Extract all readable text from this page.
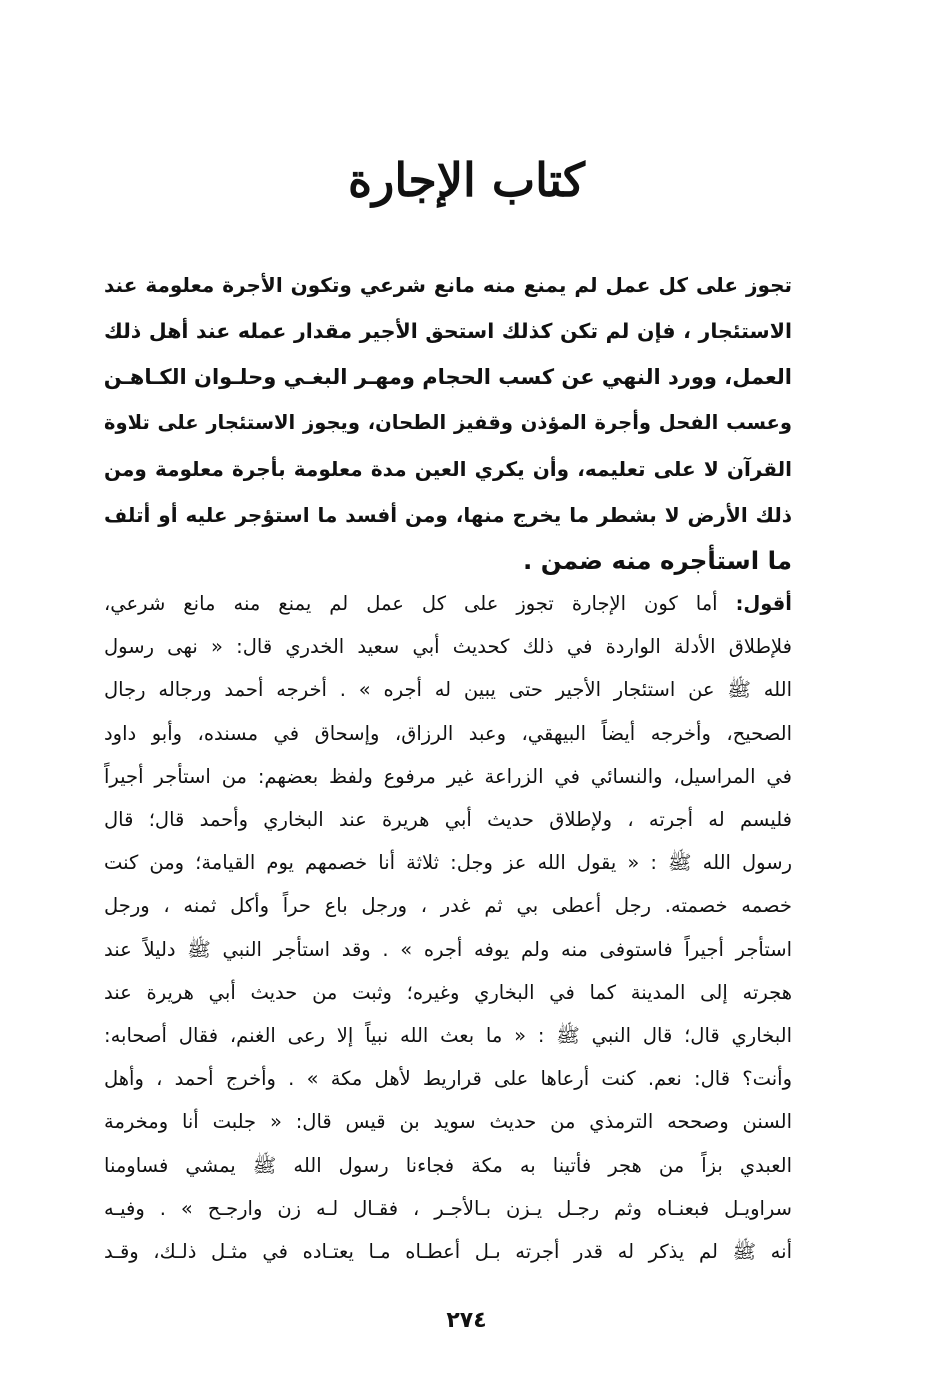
كتاب الإجارة
تجوز على كل عمل لم يمنع منه مانع شرعي وتكون الأجرة معلومة عند
الاستئجار ، فإن لم تكن كذلك استحق الأجير مقدار عمله عند أهل ذلك
العمل، وورد النهي عن كسب الحجام ومهـر البغـي وحلـوان الكـاهـن
وعسب الفحل وأجرة المؤذن وقفيز الطحان، ويجوز الاستئجار على تلاوة
القرآن لا على تعليمه، وأن يكري العين مدة معلومة بأجرة معلومة ومن
ذلك الأرض لا بشطر ما يخرج منها، ومن أفسد ما استؤجر عليه أو أتلف
ما استأجره منه ضمن .
أقول: أما كون الإجارة تجوز على كل عمل لم يمنع منه مانع شرعي،
فلإطلاق الأدلة الواردة في ذلك كحديث أبي سعيد الخدري قال: « نهى رسول
الله ﷺ عن استئجار الأجير حتى يبين له أجره » . أخرجه أحمد ورجاله رجال
الصحيح، وأخرجه أيضاً البيهقي، وعبد الرزاق، وإسحاق في مسنده، وأبو داود
في المراسيل، والنسائي في الزراعة غير مرفوع ولفظ بعضهم: من استأجر أجيراً
فليسم له أجرته ، ولإطلاق حديث أبي هريرة عند البخاري وأحمد قال؛ قال
رسول الله ﷺ : « يقول الله عز وجل: ثلاثة أنا خصمهم يوم القيامة؛ ومن كنت
خصمه خصمته. رجل أعطى بي ثم غدر ، ورجل باع حراً وأكل ثمنه ، ورجل
استأجر أجيراً فاستوفى منه ولم يوفه أجره » . وقد استأجر النبي ﷺ دليلاً عند
هجرته إلى المدينة كما في البخاري وغيره؛ وثبت من حديث أبي هريرة عند
البخاري قال؛ قال النبي ﷺ : « ما بعث الله نبياً إلا رعى الغنم، فقال أصحابه:
وأنت؟ قال: نعم. كنت أرعاها على قراريط لأهل مكة » . وأخرج أحمد ، وأهل
السنن وصححه الترمذي من حديث سويد بن قيس قال: « جلبت أنا ومخرمة
العبدي بزاً من هجر فأتينا به مكة فجاءنا رسول الله ﷺ يمشي فساومنا
سراويـل فبعنـاه وثم رجـل يـزن بـالأجـر ، فقـال لـه زن وارجـح » . وفيـه
أنه ﷺ لم يذكر له قدر أجرته بـل أعطـاه مـا يعتـاده في مثـل ذلـك، وقـد
٢٧٤
